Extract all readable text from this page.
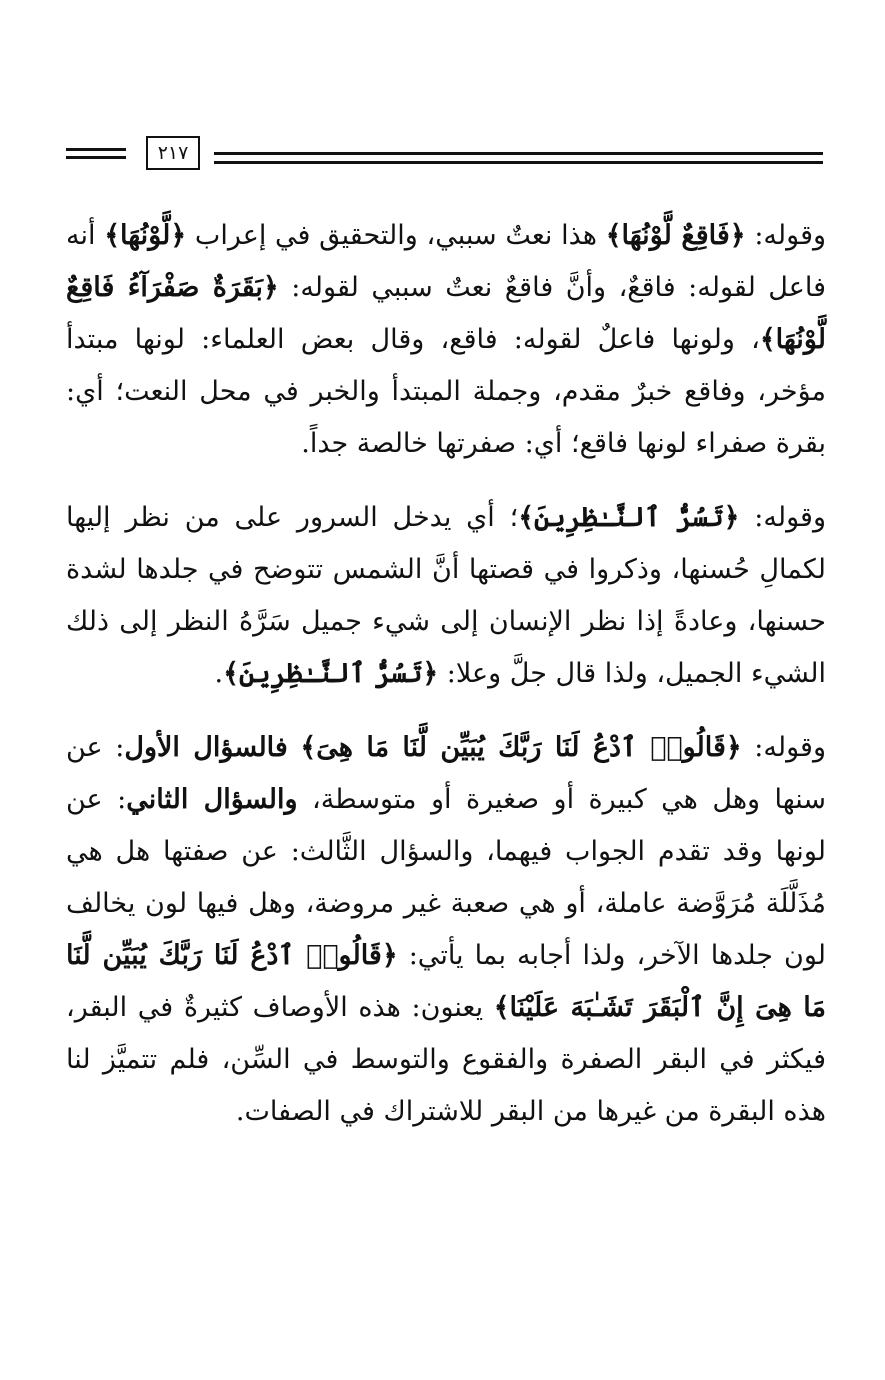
٢١٧

وقوله: ﴿فَاقِعٌ لَّوْنُهَا﴾ هذا نعتٌ سببي، والتحقيق في إعراب ﴿لَّوْنُهَا﴾ أنه فاعل لقوله: فاقعٌ، وأنَّ فاقعٌ نعتٌ سببي لقوله: ﴿بَقَرَةٌ صَفْرَآءُ فَاقِعٌ لَّوْنُهَا﴾، ولونها فاعلٌ لقوله: فاقع، وقال بعض العلماء: لونها مبتدأ مؤخر، وفاقع خبرٌ مقدم، وجملة المبتدأ والخبر في محل النعت؛ أي: بقرة صفراء لونها فاقع؛ أي: صفرتها خالصة جداً.

وقوله: ﴿تَسُرُّ ٱلنَّـٰظِرِينَ﴾؛ أي يدخل السرور على من نظر إليها لكمالِ حُسنها، وذكروا في قصتها أنَّ الشمس تتوضح في جلدها لشدة حسنها، وعادةً إذا نظر الإنسان إلى شيء جميل سَرَّهُ النظر إلى ذلك الشيء الجميل، ولذا قال جلَّ وعلا: ﴿تَسُرُّ ٱلنَّـٰظِرِينَ﴾.

وقوله: ﴿قَالُوا۟ ٱدْعُ لَنَا رَبَّكَ يُبَيِّن لَّنَا مَا هِىَ﴾ فالسؤال الأول: عن سنها وهل هي كبيرة أو صغيرة أو متوسطة، والسؤال الثاني: عن لونها وقد تقدم الجواب فيهما، والسؤال الثَّالث: عن صفتها هل هي مُذَلَّلَة مُرَوَّضة عاملة، أو هي صعبة غير مروضة، وهل فيها لون يخالف لون جلدها الآخر، ولذا أجابه بما يأتي: ﴿قَالُوا۟ ٱدْعُ لَنَا رَبَّكَ يُبَيِّن لَّنَا مَا هِىَ إِنَّ ٱلْبَقَرَ تَشَـٰبَهَ عَلَيْنَا﴾ يعنون: هذه الأوصاف كثيرةٌ في البقر، فيكثر في البقر الصفرة والفقوع والتوسط في السِّن، فلم تتميَّز لنا هذه البقرة من غيرها من البقر للاشتراك في الصفات.
